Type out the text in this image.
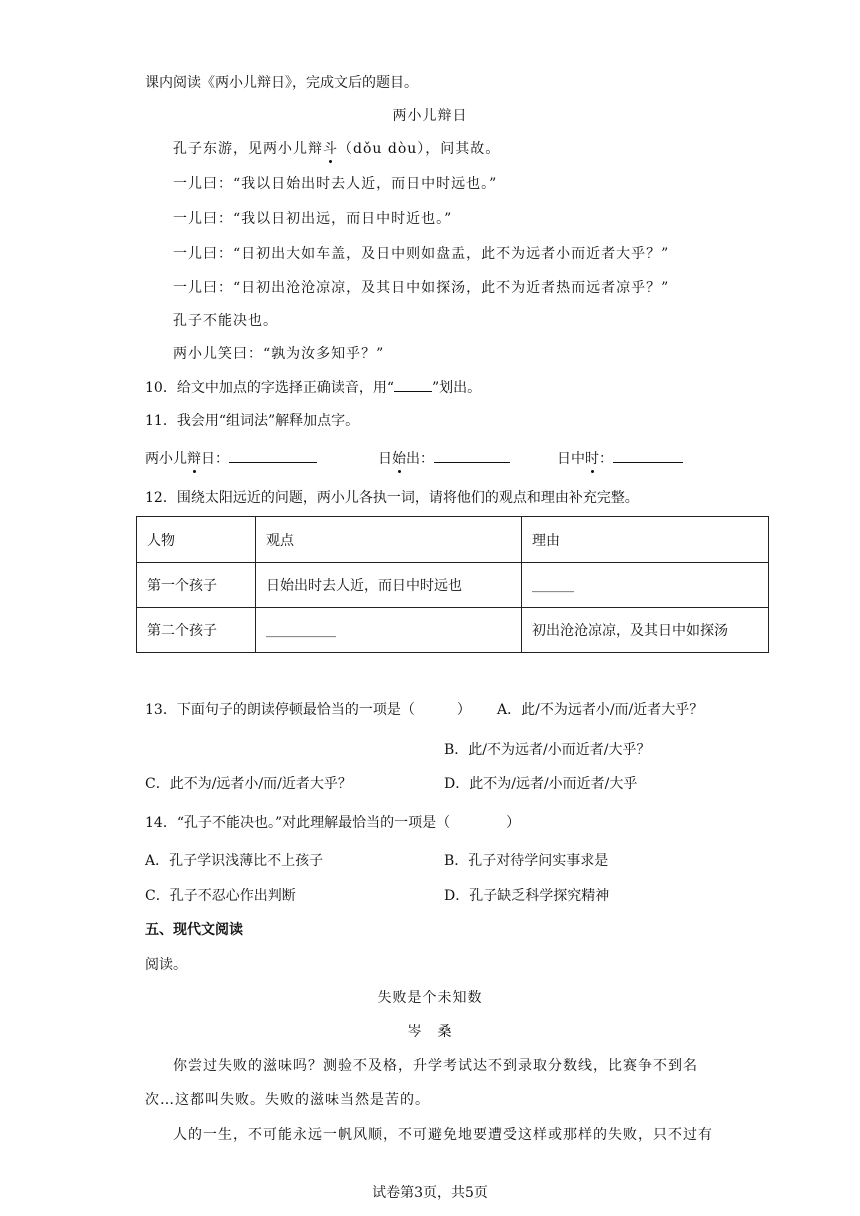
课内阅读《两小儿辩日》，完成文后的题目。
两小儿辩日
孔子东游，见两小儿辩斗（dǒu dòu），问其故。
一儿曰：“我以日始出时去人近，而日中时远也。”
一儿曰：“我以日初出远，而日中时近也。”
一儿曰：“日初出大如车盖，及日中则如盘盂，此不为远者小而近者大乎？”
一儿曰：“日初出沧沧凉凉，及其日中如探汤，此不为近者热而远者凉乎？”
孔子不能决也。
两小儿笑曰：“孰为汝多知乎？”
10．给文中加点的字选择正确读音，用“	”划出。
11．我会用“组词法”解释加点字。
两小儿辩日：	日始出：	日中时：
12．围绕太阳远近的问题，两小儿各执一词，请将他们的观点和理由补充完整。
人物	观点	理由
第一个孩子	日始出时去人近，而日中时远也	______
第二个孩子	__________	初出沧沧凉凉，及其日中如探汤
13．下面句子的朗读停顿最恰当的一项是（　　　） A．此/不为远者小/而/近者大乎？
B．此/不为远者/小而近者/大乎？
C．此不为/远者小/而/近者大乎？	D．此不为/远者/小而近者/大乎
14．“孔子不能决也。”对此理解最恰当的一项是（　　　　）
A．孔子学识浅薄比不上孩子	B．孔子对待学问实事求是
C．孔子不忍心作出判断	D．孔子缺乏科学探究精神
五、现代文阅读
阅读。
失败是个未知数
岑　桑
你尝过失败的滋味吗？测验不及格，升学考试达不到录取分数线，比赛争不到名
次…这都叫失败。失败的滋味当然是苦的。
人的一生，不可能永远一帆风顺，不可避免地要遭受这样或那样的失败，只不过有
试卷第3页，共5页
